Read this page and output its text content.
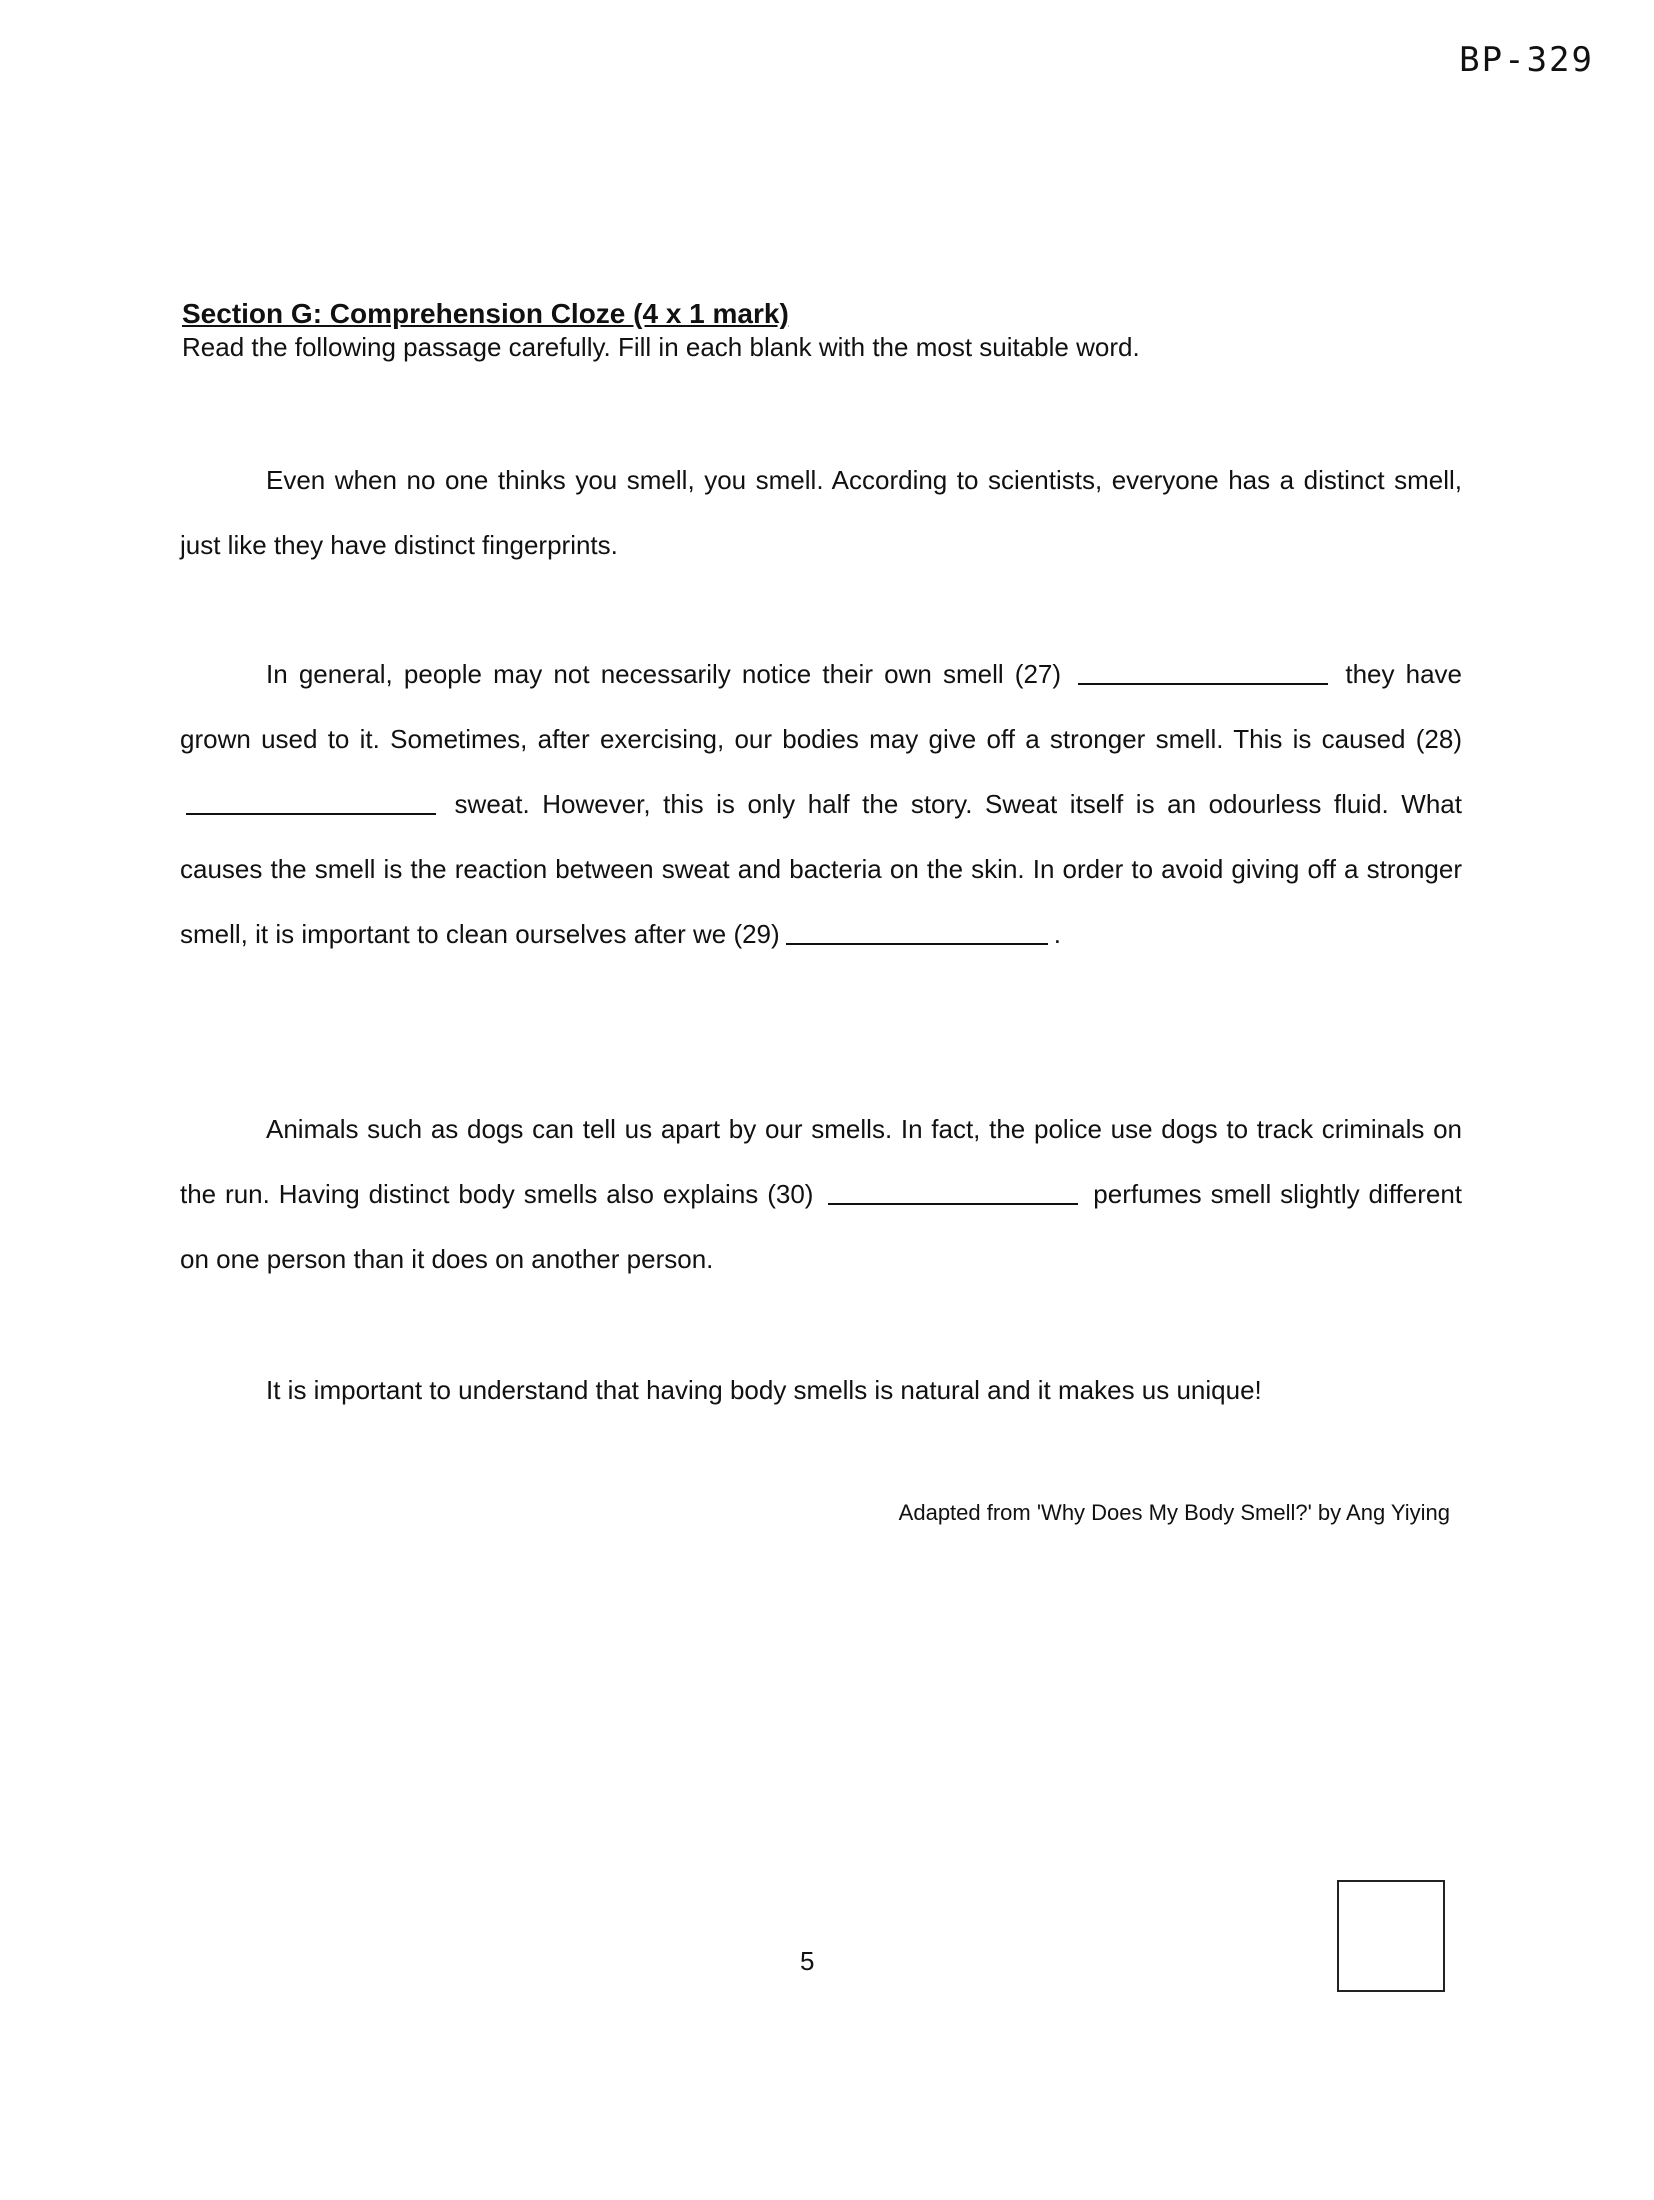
BP-329
Section G: Comprehension Cloze (4 x 1 mark)
Read the following passage carefully. Fill in each blank with the most suitable word.
Even when no one thinks you smell, you smell. According to scientists, everyone has a distinct smell, just like they have distinct fingerprints.
In general, people may not necessarily notice their own smell (27)	they have grown used to it. Sometimes, after exercising, our bodies may give off a stronger smell. This is caused (28)  sweat. However, this is only half the story. Sweat itself is an odourless fluid. What causes the smell is the reaction between sweat and bacteria on the skin. In order to avoid giving off a stronger smell, it is important to clean ourselves after we (29)	.
Animals such as dogs can tell us apart by our smells. In fact, the police use dogs to track criminals on the run. Having distinct body smells also explains (30)	perfumes smell slightly different on one person than it does on another person.
It is important to understand that having body smells is natural and it makes us unique!
Adapted from 'Why Does My Body Smell?' by Ang Yiying
5
